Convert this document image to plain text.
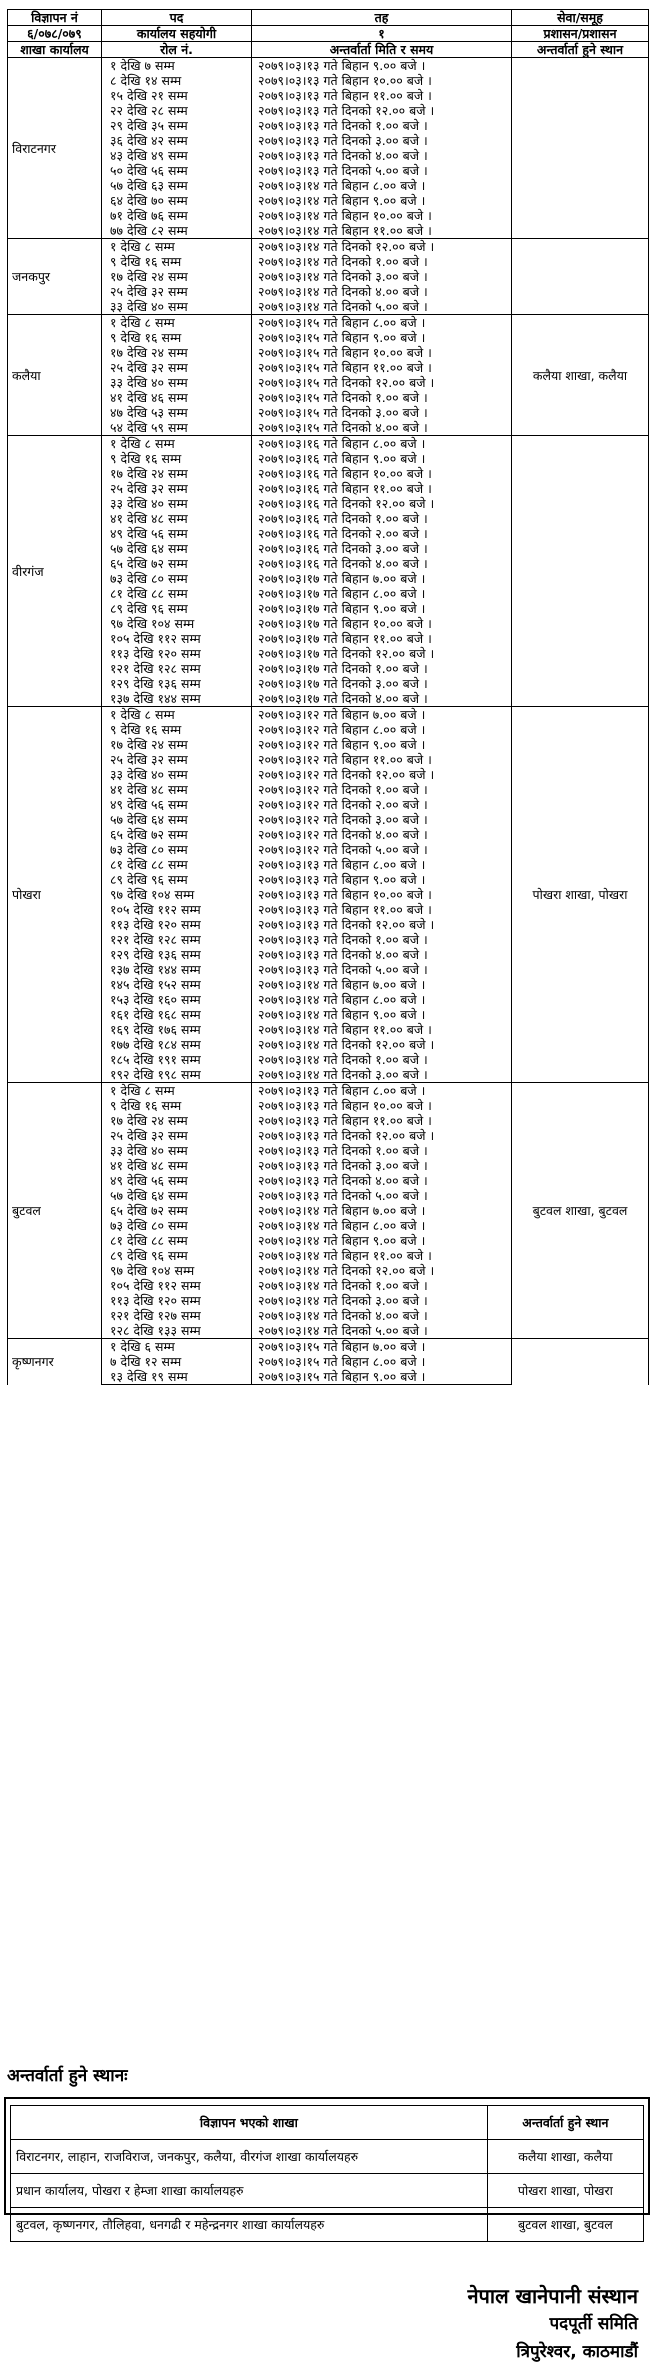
विज्ञापन नं	पद	तह	सेवा/समूह
६/०७८/०७९	कार्यालय सहयोगी	१	प्रशासन/प्रशासन
शाखा कार्यालय	रोल नं.	अन्तर्वार्ता मिति र समय	अन्तर्वार्ता हुने स्थान
विराटनगर	१ देखि ७ सम्म	२०७९।०३।१३ गते बिहान ९.०० बजे ।	
	८ देखि १४ सम्म	२०७९।०३।१३ गते बिहान १०.०० बजे ।	
	१५ देखि २१ सम्म	२०७९।०३।१३ गते बिहान ११.०० बजे ।	
	२२ देखि २८ सम्म	२०७९।०३।१३ गते दिनको १२.०० बजे ।	
	२९ देखि ३५ सम्म	२०७९।०३।१३ गते दिनको १.०० बजे ।	
	३६ देखि ४२ सम्म	२०७९।०३।१३ गते दिनको ३.०० बजे ।	
	४३ देखि ४९ सम्म	२०७९।०३।१३ गते दिनको ४.०० बजे ।	
	५० देखि ५६ सम्म	२०७९।०३।१३ गते दिनको ५.०० बजे ।	
	५७ देखि ६३ सम्म	२०७९।०३।१४ गते बिहान ८.०० बजे ।	
	६४ देखि ७० सम्म	२०७९।०३।१४ गते बिहान ९.०० बजे ।	
	७१ देखि ७६ सम्म	२०७९।०३।१४ गते बिहान १०.०० बजे ।	
	७७ देखि ८२ सम्म	२०७९।०३।१४ गते बिहान ११.०० बजे ।	
जनकपुर	१ देखि ८ सम्म	२०७९।०३।१४ गते दिनको १२.०० बजे ।	
	९ देखि १६ सम्म	२०७९।०३।१४ गते दिनको १.०० बजे ।	
	१७ देखि २४ सम्म	२०७९।०३।१४ गते दिनको ३.०० बजे ।	
	२५ देखि ३२ सम्म	२०७९।०३।१४ गते दिनको ४.०० बजे ।	
	३३ देखि ४० सम्म	२०७९।०३।१४ गते दिनको ५.०० बजे ।	
कलैया	१ देखि ८ सम्म	२०७९।०३।१५ गते बिहान ८.०० बजे ।	कलैया शाखा, कलैया
	९ देखि १६ सम्म	२०७९।०३।१५ गते बिहान ९.०० बजे ।	
	१७ देखि २४ सम्म	२०७९।०३।१५ गते बिहान १०.०० बजे ।	
	२५ देखि ३२ सम्म	२०७९।०३।१५ गते बिहान ११.०० बजे ।	
	३३ देखि ४० सम्म	२०७९।०३।१५ गते दिनको १२.०० बजे ।	
	४१ देखि ४६ सम्म	२०७९।०३।१५ गते दिनको १.०० बजे ।	
	४७ देखि ५३ सम्म	२०७९।०३।१५ गते दिनको ३.०० बजे ।	
	५४ देखि ५९ सम्म	२०७९।०३।१५ गते दिनको ४.०० बजे ।	
वीरगंज	१ देखि ८ सम्म	२०७९।०३।१६ गते बिहान ८.०० बजे ।	
	९ देखि १६ सम्म	२०७९।०३।१६ गते बिहान ९.०० बजे ।	
	१७ देखि २४ सम्म	२०७९।०३।१६ गते बिहान १०.०० बजे ।	
	२५ देखि ३२ सम्म	२०७९।०३।१६ गते बिहान ११.०० बजे ।	
	३३ देखि ४० सम्म	२०७९।०३।१६ गते दिनको १२.०० बजे ।	
	४१ देखि ४८ सम्म	२०७९।०३।१६ गते दिनको १.०० बजे ।	
	४९ देखि ५६ सम्म	२०७९।०३।१६ गते दिनको २.०० बजे ।	
	५७ देखि ६४ सम्म	२०७९।०३।१६ गते दिनको ३.०० बजे ।	
	६५ देखि ७२ सम्म	२०७९।०३।१६ गते दिनको ४.०० बजे ।	
	७३ देखि ८० सम्म	२०७९।०३।१७ गते बिहान ७.०० बजे ।	
	८१ देखि ८८ सम्म	२०७९।०३।१७ गते बिहान ८.०० बजे ।	
	८९ देखि ९६ सम्म	२०७९।०३।१७ गते बिहान ९.०० बजे ।	
	९७ देखि १०४ सम्म	२०७९।०३।१७ गते बिहान १०.०० बजे ।	
	१०५ देखि ११२ सम्म	२०७९।०३।१७ गते बिहान ११.०० बजे ।	
	११३ देखि १२० सम्म	२०७९।०३।१७ गते दिनको १२.०० बजे ।	
	१२१ देखि १२८ सम्म	२०७९।०३।१७ गते दिनको १.०० बजे ।	
	१२९ देखि १३६ सम्म	२०७९।०३।१७ गते दिनको ३.०० बजे ।	
	१३७ देखि १४४ सम्म	२०७९।०३।१७ गते दिनको ४.०० बजे ।	
पोखरा	१ देखि ८ सम्म	२०७९।०३।१२ गते बिहान ७.०० बजे ।	पोखरा शाखा, पोखरा
	९ देखि १६ सम्म	२०७९।०३।१२ गते बिहान ८.०० बजे ।	
	१७ देखि २४ सम्म	२०७९।०३।१२ गते बिहान ९.०० बजे ।	
	२५ देखि ३२ सम्म	२०७९।०३।१२ गते बिहान ११.०० बजे ।	
	३३ देखि ४० सम्म	२०७९।०३।१२ गते दिनको १२.०० बजे ।	
	४१ देखि ४८ सम्म	२०७९।०३।१२ गते दिनको १.०० बजे ।	
	४९ देखि ५६ सम्म	२०७९।०३।१२ गते दिनको २.०० बजे ।	
	५७ देखि ६४ सम्म	२०७९।०३।१२ गते दिनको ३.०० बजे ।	
	६५ देखि ७२ सम्म	२०७९।०३।१२ गते दिनको ४.०० बजे ।	
	७३ देखि ८० सम्म	२०७९।०३।१२ गते दिनको ५.०० बजे ।	
	८१ देखि ८८ सम्म	२०७९।०३।१३ गते बिहान ८.०० बजे ।	
	८९ देखि ९६ सम्म	२०७९।०३।१३ गते बिहान ९.०० बजे ।	
	९७ देखि १०४ सम्म	२०७९।०३।१३ गते बिहान १०.०० बजे ।	
	१०५ देखि ११२ सम्म	२०७९।०३।१३ गते बिहान ११.०० बजे ।	
	११३ देखि १२० सम्म	२०७९।०३।१३ गते दिनको १२.०० बजे ।	
	१२१ देखि १२८ सम्म	२०७९।०३।१३ गते दिनको १.०० बजे ।	
	१२९ देखि १३६ सम्म	२०७९।०३।१३ गते दिनको ४.०० बजे ।	
	१३७ देखि १४४ सम्म	२०७९।०३।१३ गते दिनको ५.०० बजे ।	
	१४५ देखि १५२ सम्म	२०७९।०३।१४ गते बिहान ७.०० बजे ।	
	१५३ देखि १६० सम्म	२०७९।०३।१४ गते बिहान ८.०० बजे ।	
	१६१ देखि १६८ सम्म	२०७९।०३।१४ गते बिहान ९.०० बजे ।	
	१६९ देखि १७६ सम्म	२०७९।०३।१४ गते बिहान ११.०० बजे ।	
	१७७ देखि १८४ सम्म	२०७९।०३।१४ गते दिनको १२.०० बजे ।	
	१८५ देखि १९१ सम्म	२०७९।०३।१४ गते दिनको १.०० बजे ।	
	१९२ देखि १९८ सम्म	२०७९।०३।१४ गते दिनको ३.०० बजे ।	
बुटवल	१ देखि ८ सम्म	२०७९।०३।१३ गते बिहान ८.०० बजे ।	बुटवल शाखा, बुटवल
	९ देखि १६ सम्म	२०७९।०३।१३ गते बिहान १०.०० बजे ।	
	१७ देखि २४ सम्म	२०७९।०३।१३ गते बिहान ११.०० बजे ।	
	२५ देखि ३२ सम्म	२०७९।०३।१३ गते दिनको १२.०० बजे ।	
	३३ देखि ४० सम्म	२०७९।०३।१३ गते दिनको १.०० बजे ।	
	४१ देखि ४८ सम्म	२०७९।०३।१३ गते दिनको ३.०० बजे ।	
	४९ देखि ५६ सम्म	२०७९।०३।१३ गते दिनको ४.०० बजे ।	
	५७ देखि ६४ सम्म	२०७९।०३।१३ गते दिनको ५.०० बजे ।	
	६५ देखि ७२ सम्म	२०७९।०३।१४ गते बिहान ७.०० बजे ।	
	७३ देखि ८० सम्म	२०७९।०३।१४ गते बिहान ८.०० बजे ।	
	८१ देखि ८८ सम्म	२०७९।०३।१४ गते बिहान ९.०० बजे ।	
	८९ देखि ९६ सम्म	२०७९।०३।१४ गते बिहान ११.०० बजे ।	
	९७ देखि १०४ सम्म	२०७९।०३।१४ गते दिनको १२.०० बजे ।	
	१०५ देखि ११२ सम्म	२०७९।०३।१४ गते दिनको १.०० बजे ।	
	११३ देखि १२० सम्म	२०७९।०३।१४ गते दिनको ३.०० बजे ।	
	१२१ देखि १२७ सम्म	२०७९।०३।१४ गते दिनको ४.०० बजे ।	
	१२८ देखि १३३ सम्म	२०७९।०३।१४ गते दिनको ५.०० बजे ।	
कृष्णनगर	१ देखि ६ सम्म	२०७९।०३।१५ गते बिहान ७.०० बजे ।	
	७ देखि १२ सम्म	२०७९।०३।१५ गते बिहान ८.०० बजे ।	
	१३ देखि १९ सम्म	२०७९।०३।१५ गते बिहान ९.०० बजे ।	
अन्तर्वार्ता हुने स्थानः
विज्ञापन भएको शाखा	अन्तर्वार्ता हुने स्थान
विराटनगर, लाहान, राजविराज, जनकपुर, कलैया, वीरगंज शाखा कार्यालयहरु	कलैया शाखा, कलैया
प्रधान कार्यालय, पोखरा र हेम्जा शाखा कार्यालयहरु	पोखरा शाखा, पोखरा
बुटवल, कृष्णनगर, तौलिहवा, धनगढी र महेन्द्रनगर शाखा कार्यालयहरु	बुटवल शाखा, बुटवल
नेपाल खानेपानी संस्थान
पदपूर्ती समिति
त्रिपुरेश्वर, काठमाडौं
